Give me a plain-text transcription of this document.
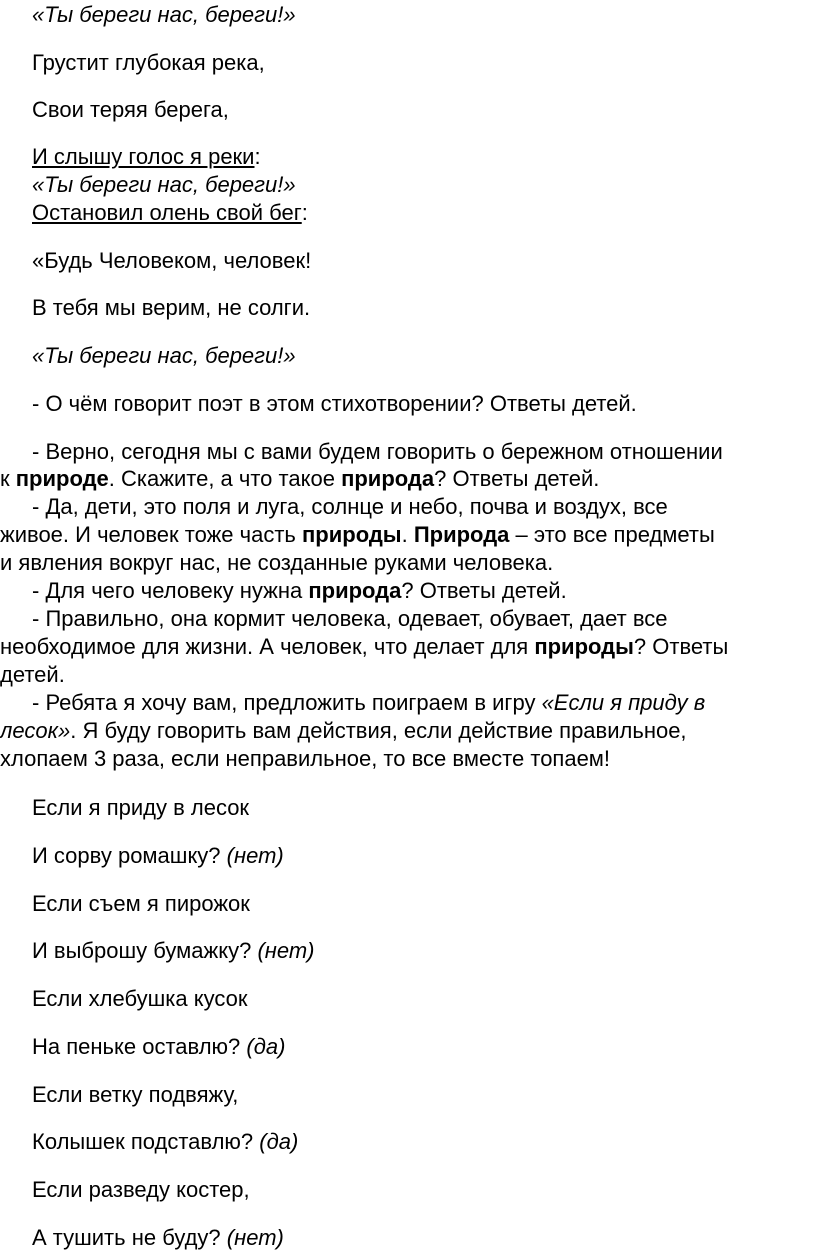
«Ты береги нас, береги!»
Грустит глубокая река,
Свои теряя берега,
И слышу голос я реки:
«Ты береги нас, береги!»
Остановил олень свой бег:
«Будь Человеком, человек!
В тебя мы верим, не солги.
«Ты береги нас, береги!»
- О чём говорит поэт в этом стихотворении? Ответы детей.
- Верно, сегодня мы с вами будем говорить о бережном отношении
к природе. Скажите, а что такое природа? Ответы детей.
- Да, дети, это поля и луга, солнце и небо, почва и воздух, все
живое. И человек тоже часть природы. Природа – это все предметы
и явления вокруг нас, не созданные руками человека.
- Для чего человеку нужна природа? Ответы детей.
- Правильно, она кормит человека, одевает, обувает, дает все
необходимое для жизни. А человек, что делает для природы? Ответы
детей.
- Ребята я хочу вам, предложить поиграем в игру «Если я приду в
лесок». Я буду говорить вам действия, если действие правильное,
хлопаем 3 раза, если неправильное, то все вместе топаем!
Если я приду в лесок
И сорву ромашку? (нет)
Если съем я пирожок
И выброшу бумажку? (нет)
Если хлебушка кусок
На пеньке оставлю? (да)
Если ветку подвяжу,
Колышек подставлю? (да)
Если разведу костер,
А тушить не буду? (нет)
